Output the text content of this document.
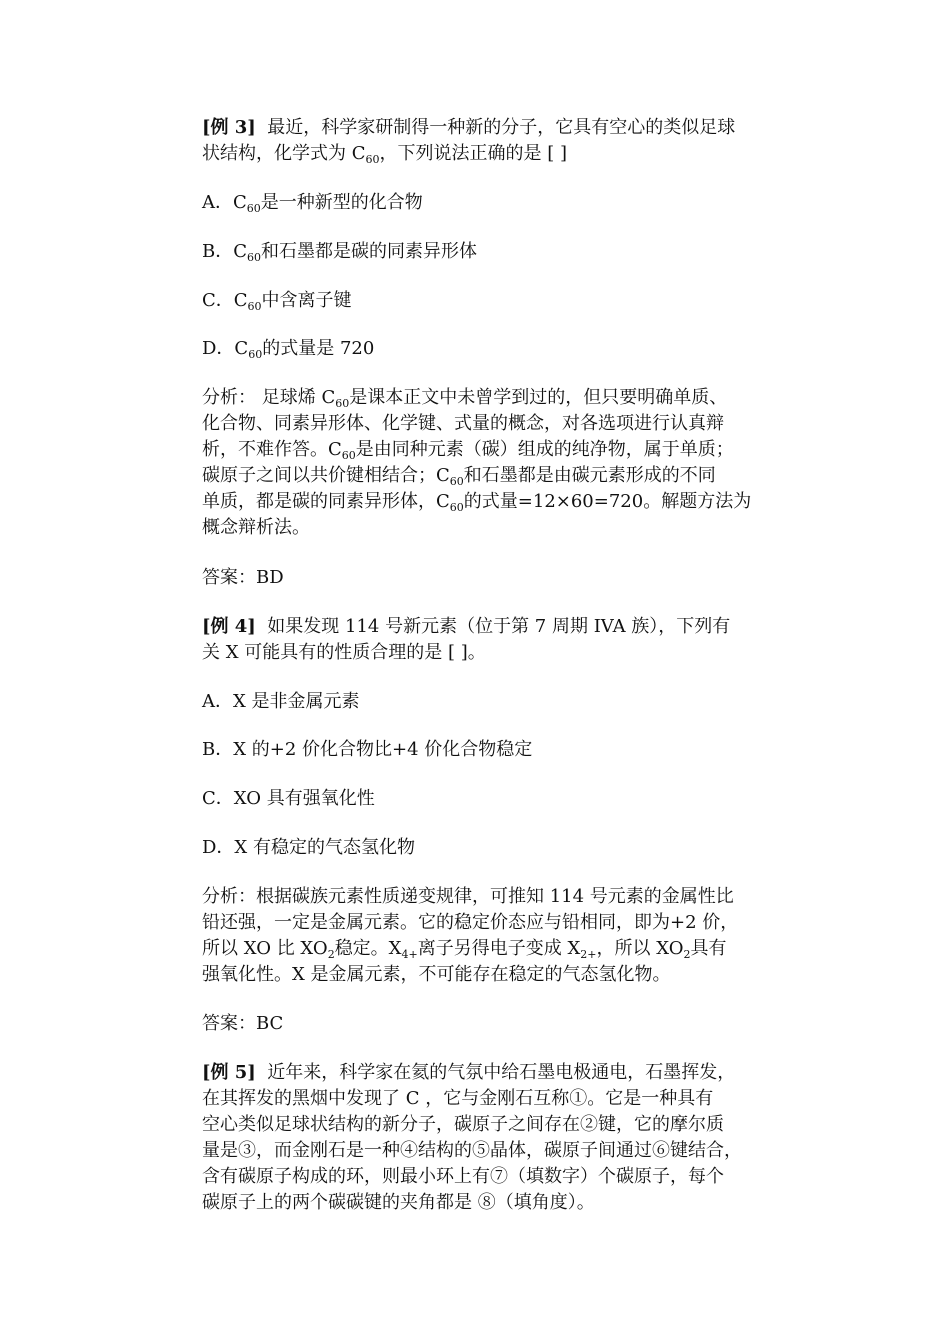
[例 3] 最近，科学家研制得一种新的分子，它具有空心的类似足球
状结构，化学式为 $C_{60}$，下列说法正确的是 [ ]

A．$C_{60}$是一种新型的化合物

B．$C_{60}$和石墨都是碳的同素异形体

C．$C_{60}$中含离子键

D．$C_{60}$的式量是 720

分析： 足球烯 $C_{60}$是课本正文中未曾学到过的，但只要明确单质、
化合物、同素异形体、化学键、式量的概念，对各选项进行认真辩
析，不难作答。$C_{60}$是由同种元素（碳）组成的纯净物，属于单质；
碳原子之间以共价键相结合；$C_{60}$和石墨都是由碳元素形成的不同
单质，都是碳的同素异形体，$C_{60}$的式量=12×60=720。解题方法为
概念辩析法。

答案：BD

[例 4] 如果发现 114 号新元素（位于第 7 周期 IVA 族），下列有
关 X 可能具有的性质合理的是 [ ]。

A．X 是非金属元素

B．X 的+2 价化合物比+4 价化合物稳定

C．XO 具有强氧化性

D．X 有稳定的气态氢化物

分析：根据碳族元素性质递变规律，可推知 114 号元素的金属性比
铅还强，一定是金属元素。它的稳定价态应与铅相同，即为+2 价，
所以 XO 比 $XO_2$稳定。$X_{4+}$离子另得电子变成 $X_{2+}$，所以 $XO_2$具有
强氧化性。X 是金属元素，不可能存在稳定的气态氢化物。

答案：BC

[例 5] 近年来，科学家在氦的气氛中给石墨电极通电，石墨挥发，
在其挥发的黑烟中发现了 C ，它与金刚石互称①。它是一种具有
空心类似足球状结构的新分子，碳原子之间存在②键，它的摩尔质
量是③，而金刚石是一种④结构的⑤晶体，碳原子间通过⑥键结合，
含有碳原子构成的环，则最小环上有⑦（填数字）个碳原子，每个
碳原子上的两个碳碳键的夹角都是 ⑧（填角度）。
